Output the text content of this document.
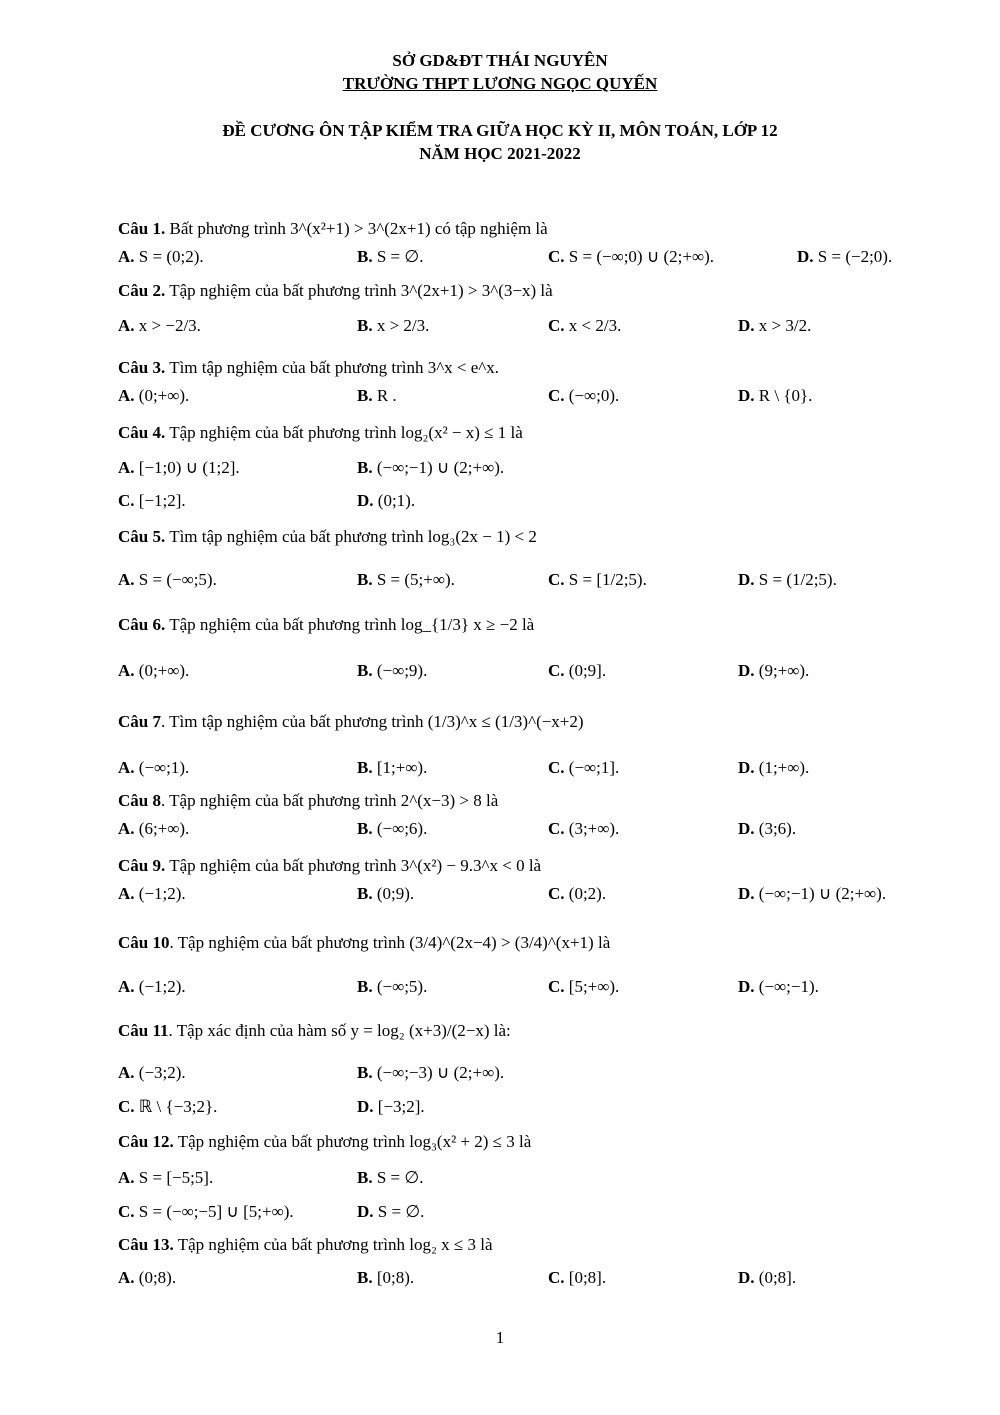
SỞ GD&ĐT THÁI NGUYÊN
TRƯỜNG THPT LƯƠNG NGỌC QUYẾN
ĐỀ CƯƠNG ÔN TẬP KIỂM TRA GIỮA HỌC KỲ II, MÔN TOÁN, LỚP 12
NĂM HỌC 2021-2022
Câu 1. Bất phương trình 3^(x²+1) > 3^(2x+1) có tập nghiệm là
A. S = (0;2).	B. S = ∅.	C. S = (−∞;0) ∪ (2;+∞).	D. S = (−2;0).
Câu 2. Tập nghiệm của bất phương trình 3^(2x+1) > 3^(3−x) là
A. x > −2/3.	B. x > 2/3.	C. x < 2/3.	D. x > 3/2.
Câu 3. Tìm tập nghiệm của bất phương trình 3^x < e^x.
A. (0;+∞).	B. R .	C. (−∞;0).	D. R \ {0}.
Câu 4. Tập nghiệm của bất phương trình log₂(x² − x) ≤ 1 là
A. [−1;0) ∪ (1;2].	B. (−∞;−1) ∪ (2;+∞).
C. [−1;2].	D. (0;1).
Câu 5. Tìm tập nghiệm của bất phương trình log₃(2x − 1) < 2
A. S = (−∞;5).	B. S = (5;+∞).	C. S = [1/2;5).	D. S = (1/2;5).
Câu 6. Tập nghiệm của bất phương trình log_{1/3} x ≥ −2 là
A. (0;+∞).	B. (−∞;9).	C. (0;9].	D. (9;+∞).
Câu 7. Tìm tập nghiệm của bất phương trình (1/3)^x ≤ (1/3)^(−x+2)
A. (−∞;1).	B. [1;+∞).	C. (−∞;1].	D. (1;+∞).
Câu 8. Tập nghiệm của bất phương trình 2^(x−3) > 8 là
A. (6;+∞).	B. (−∞;6).	C. (3;+∞).	D. (3;6).
Câu 9. Tập nghiệm của bất phương trình 3^(x²) − 9.3^x < 0 là
A. (−1;2).	B. (0;9).	C. (0;2).	D. (−∞;−1) ∪ (2;+∞).
Câu 10. Tập nghiệm của bất phương trình (3/4)^(2x−4) > (3/4)^(x+1) là
A. (−1;2).	B. (−∞;5).	C. [5;+∞).	D. (−∞;−1).
Câu 11. Tập xác định của hàm số y = log₂ (x+3)/(2−x) là:
A. (−3;2).	B. (−∞;−3) ∪ (2;+∞).
C. ℝ \ {−3;2}.	D. [−3;2].
Câu 12. Tập nghiệm của bất phương trình log₃(x² + 2) ≤ 3 là
A. S = [−5;5].	B. S = ∅.
C. S = (−∞;−5] ∪ [5;+∞).	D. S = ∅.
Câu 13. Tập nghiệm của bất phương trình log₂ x ≤ 3 là
A. (0;8).	B. [0;8).	C. [0;8].	D. (0;8].
1
